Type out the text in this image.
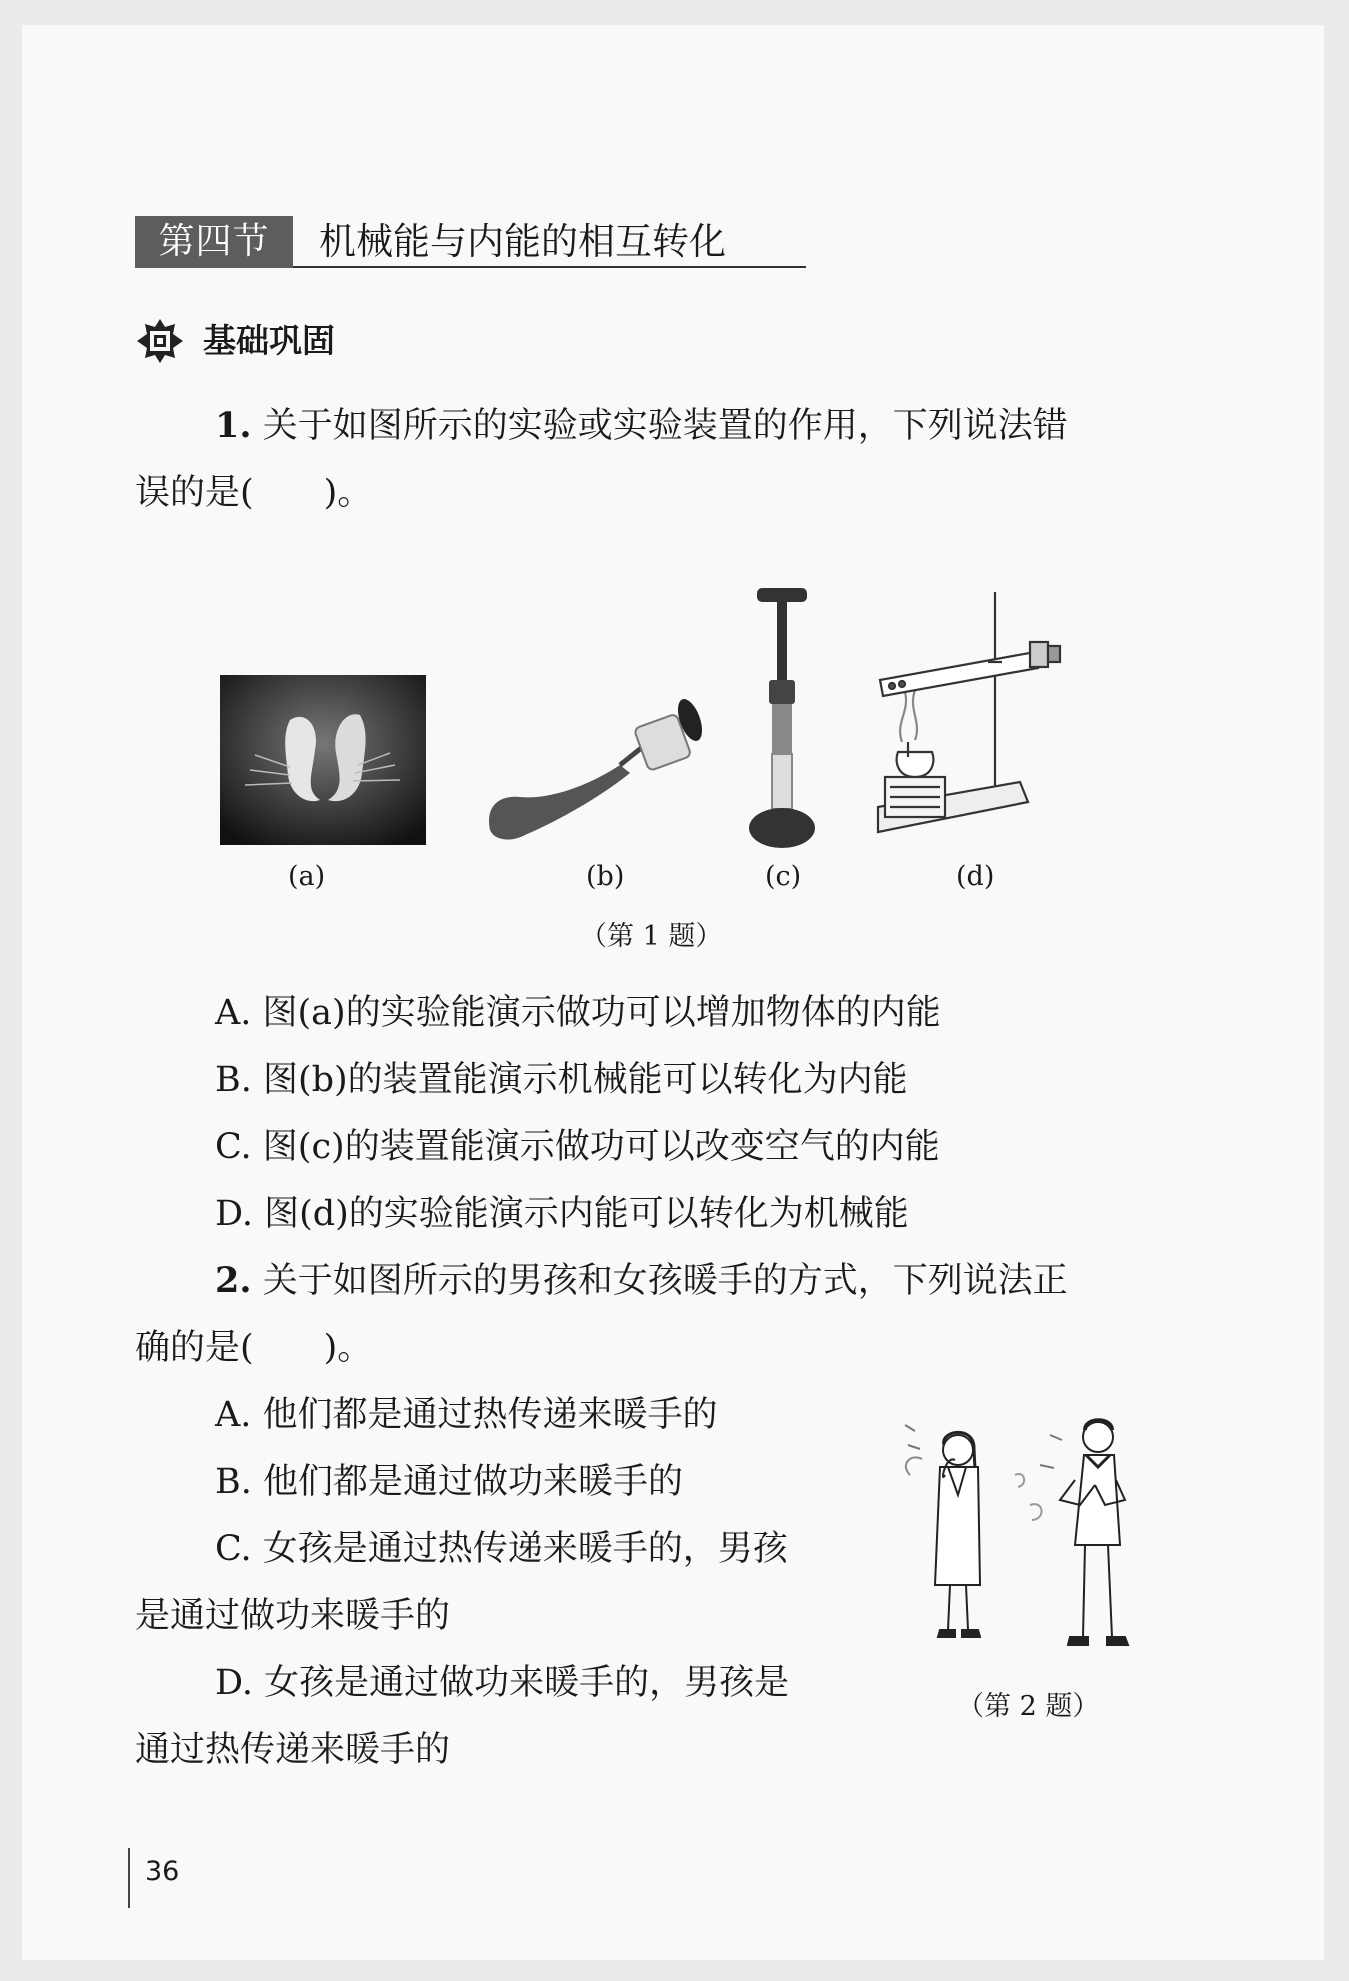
第四节	机械能与内能的相互转化
基础巩固
1. 关于如图所示的实验或实验装置的作用，下列说法错
误的是(　　)。
(a)	(b)	(c)	(d)
（第 1 题）
A. 图(a)的实验能演示做功可以增加物体的内能
B. 图(b)的装置能演示机械能可以转化为内能
C. 图(c)的装置能演示做功可以改变空气的内能
D. 图(d)的实验能演示内能可以转化为机械能
2. 关于如图所示的男孩和女孩暖手的方式，下列说法正
确的是(　　)。
A. 他们都是通过热传递来暖手的
B. 他们都是通过做功来暖手的
C. 女孩是通过热传递来暖手的，男孩
是通过做功来暖手的
D. 女孩是通过做功来暖手的，男孩是
通过热传递来暖手的
（第 2 题）
36
